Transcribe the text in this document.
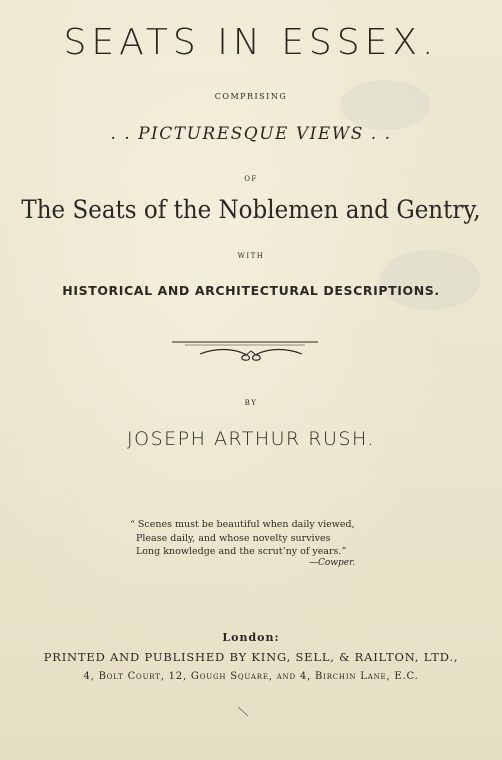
SEATS IN ESSEX.
COMPRISING
. . PICTURESQUE VIEWS . .
OF
The Seats of the Noblemen and Gentry,
WITH
HISTORICAL AND ARCHITECTURAL DESCRIPTIONS.
BY
JOSEPH ARTHUR RUSH.
“ Scenes must be beautiful when daily viewed,
Please daily, and whose novelty survives
Long knowledge and the scrut’ny of years.”
—Cowper.
London:
PRINTED AND PUBLISHED BY KING, SELL, & RAILTON, LTD.,
4, Bolt Court, 12, Gough Square, and 4, Birchin Lane, E.C.
